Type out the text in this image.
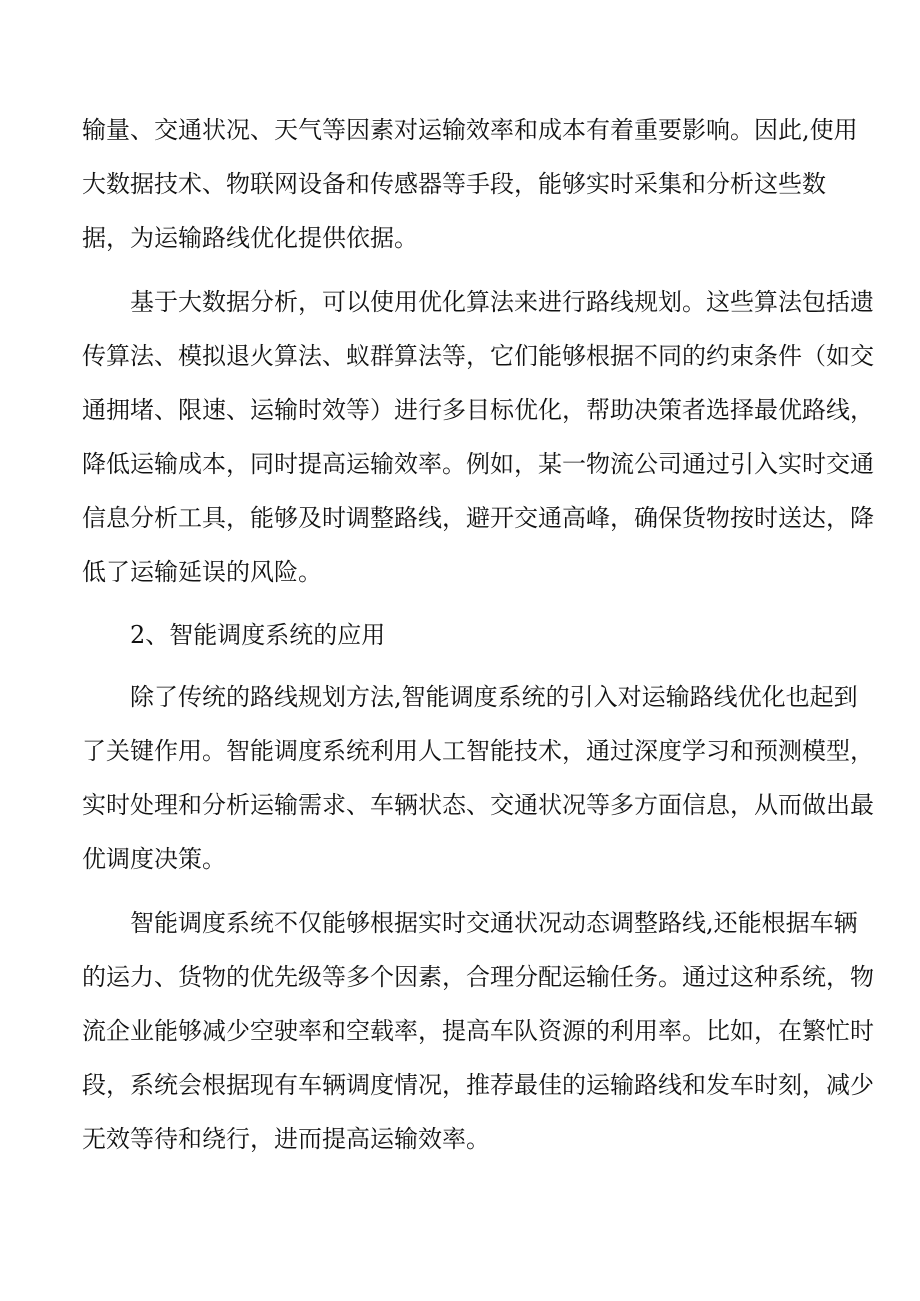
输量、交通状况、天气等因素对运输效率和成本有着重要影响。因此,使用
大数据技术、物联网设备和传感器等手段，能够实时采集和分析这些数
据，为运输路线优化提供依据。
基于大数据分析，可以使用优化算法来进行路线规划。这些算法包括遗
传算法、模拟退火算法、蚁群算法等，它们能够根据不同的约束条件（如交
通拥堵、限速、运输时效等）进行多目标优化，帮助决策者选择最优路线，
降低运输成本，同时提高运输效率。例如，某一物流公司通过引入实时交通
信息分析工具，能够及时调整路线，避开交通高峰，确保货物按时送达，降
低了运输延误的风险。
2、智能调度系统的应用
除了传统的路线规划方法,智能调度系统的引入对运输路线优化也起到
了关键作用。智能调度系统利用人工智能技术，通过深度学习和预测模型，
实时处理和分析运输需求、车辆状态、交通状况等多方面信息，从而做出最
优调度决策。
智能调度系统不仅能够根据实时交通状况动态调整路线,还能根据车辆
的运力、货物的优先级等多个因素，合理分配运输任务。通过这种系统，物
流企业能够减少空驶率和空载率，提高车队资源的利用率。比如，在繁忙时
段，系统会根据现有车辆调度情况，推荐最佳的运输路线和发车时刻，减少
无效等待和绕行，进而提高运输效率。
